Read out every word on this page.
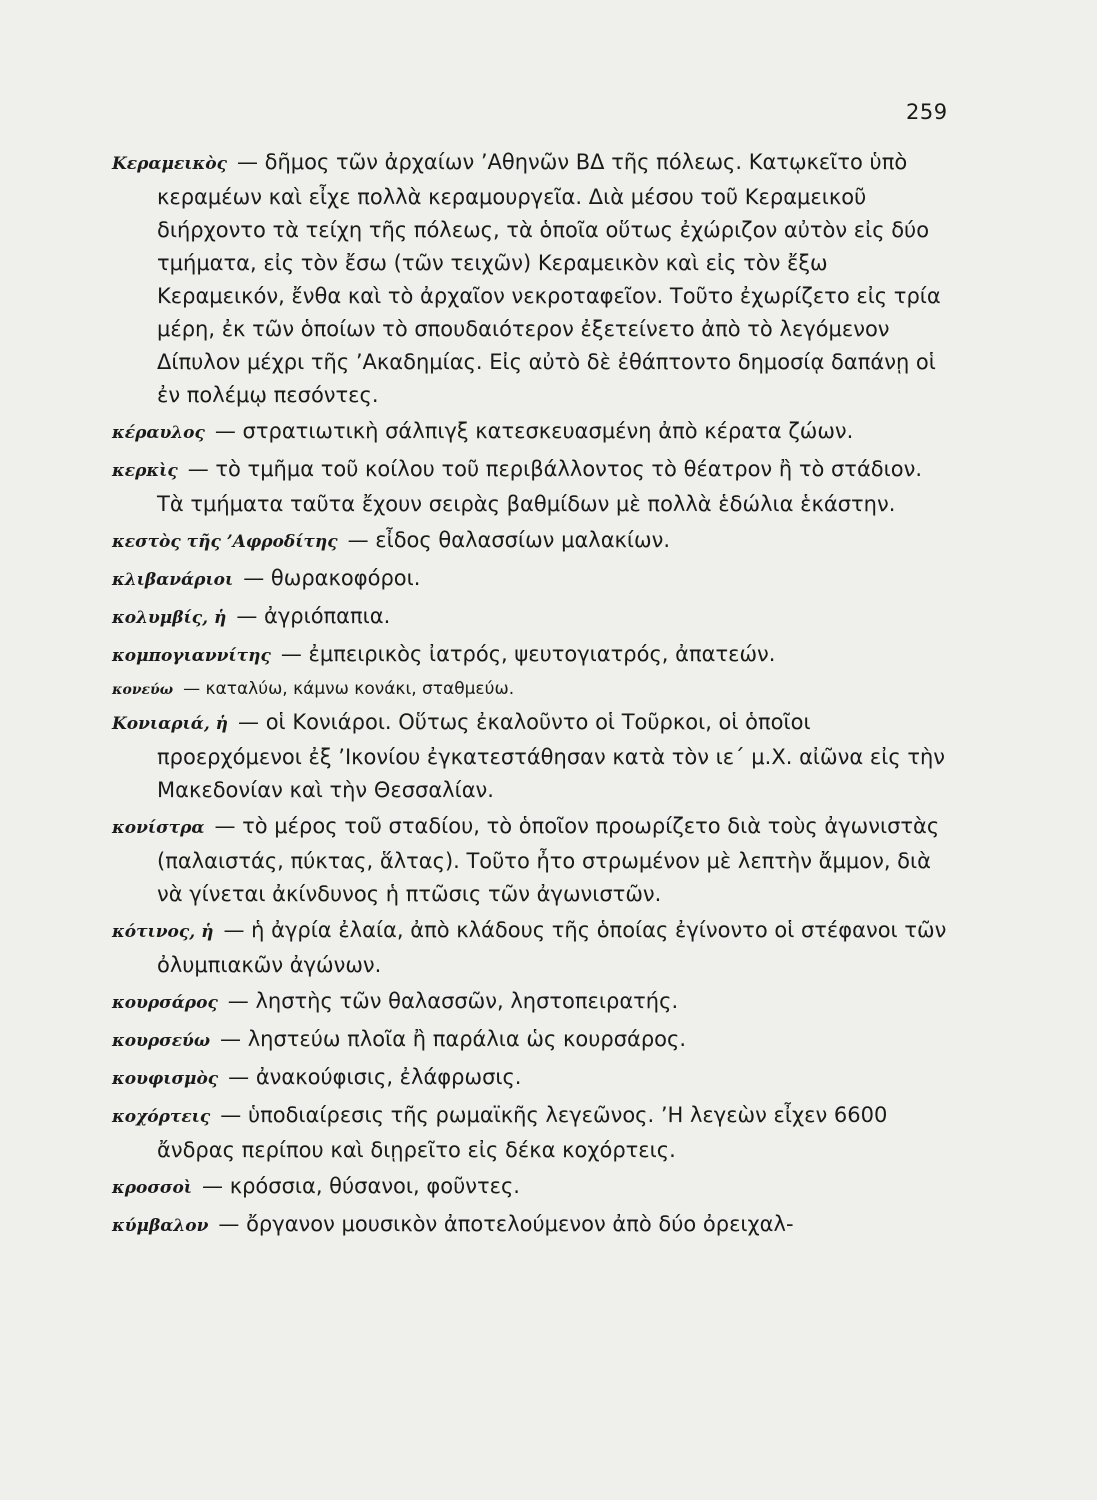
259
Κεραμεικὸς — δῆμος τῶν ἀρχαίων ’Αθηνῶν ΒΔ τῆς πόλεως. Κατῳκεῖτο ὑπὸ κεραμέων καὶ εἶχε πολλὰ κεραμουργεῖα. Διὰ μέσου τοῦ Κεραμεικοῦ διήρχοντο τὰ τείχη τῆς πόλεως, τὰ ὁποῖα οὕτως ἐχώριζον αὐτὸν εἰς δύο τμήματα, εἰς τὸν ἔσω (τῶν τειχῶν) Κεραμεικὸν καὶ εἰς τὸν ἔξω Κεραμεικόν, ἔνθα καὶ τὸ ἀρχαῖον νεκροταφεῖον. Τοῦτο ἐχωρίζετο εἰς τρία μέρη, ἐκ τῶν ὁποίων τὸ σπουδαιότερον ἐξετείνετο ἀπὸ τὸ λεγόμενον Δίπυλον μέχρι τῆς ’Ακαδημίας. Εἰς αὐτὸ δὲ ἐθάπτοντο δημοσίᾳ δαπάνῃ οἱ ἐν πολέμῳ πεσόντες.
κέραυλος — στρατιωτικὴ σάλπιγξ κατεσκευασμένη ἀπὸ κέρατα ζώων.
κερκὶς — τὸ τμῆμα τοῦ κοίλου τοῦ περιβάλλοντος τὸ θέατρον ἢ τὸ στάδιον. Τὰ τμήματα ταῦτα ἔχουν σειρὰς βαθμίδων μὲ πολλὰ ἑδώλια ἑκάστην.
κεστὸς τῆς ’Αφροδίτης — εἶδος θαλασσίων μαλακίων.
κλιβανάριοι — θωρακοφόροι.
κολυμβίς, ἡ — ἀγριόπαπια.
κομπογιαννίτης — ἐμπειρικὸς ἰατρός, ψευτογιατρός, ἀπατεών.
κονεύω — καταλύω, κάμνω κονάκι, σταθμεύω.
Κονιαριά, ἡ — οἱ Κονιάροι. Οὕτως ἐκαλοῦντο οἱ Τοῦρκοι, οἱ ὁποῖοι προερχόμενοι ἐξ ’Ικονίου ἐγκατεστάθησαν κατὰ τὸν ιε΄ μ.Χ. αἰῶνα εἰς τὴν Μακεδονίαν καὶ τὴν Θεσσαλίαν.
κονίστρα — τὸ μέρος τοῦ σταδίου, τὸ ὁποῖον προωρίζετο διὰ τοὺς ἀγωνιστὰς (παλαιστάς, πύκτας, ἅλτας). Τοῦτο ἦτο στρωμένον μὲ λεπτὴν ἄμμον, διὰ νὰ γίνεται ἀκίνδυνος ἡ πτῶσις τῶν ἀγωνιστῶν.
κότινος, ἡ — ἡ ἀγρία ἐλαία, ἀπὸ κλάδους τῆς ὁποίας ἐγίνοντο οἱ στέφανοι τῶν ὀλυμπιακῶν ἀγώνων.
κουρσάρος — ληστὴς τῶν θαλασσῶν, ληστοπειρατής.
κουρσεύω — ληστεύω πλοῖα ἢ παράλια ὡς κουρσάρος.
κουφισμὸς — ἀνακούφισις, ἐλάφρωσις.
κοχόρτεις — ὑποδιαίρεσις τῆς ρωμαϊκῆς λεγεῶνος. ’Η λεγεὼν εἶχεν 6600 ἄνδρας περίπου καὶ διῃρεῖτο εἰς δέκα κοχόρτεις.
κροσσοὶ — κρόσσια, θύσανοι, φοῦντες.
κύμβαλον — ὄργανον μουσικὸν ἀποτελούμενον ἀπὸ δύο ὀρειχαλ-
